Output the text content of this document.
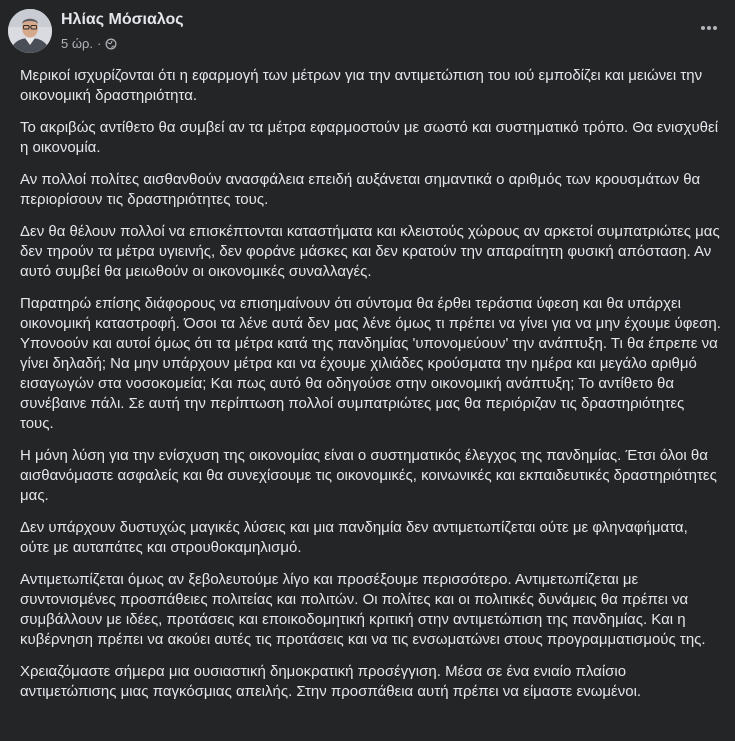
Ηλίας Μόσιαλος
5 ώρ. ·

Μερικοί ισχυρίζονται ότι η εφαρμογή των μέτρων για την αντιμετώπιση του ιού εμποδίζει και μειώνει την οικονομική δραστηριότητα.

Το ακριβώς αντίθετο θα συμβεί αν τα μέτρα εφαρμοστούν με σωστό και συστηματικό τρόπο. Θα ενισχυθεί η οικονομία.

Αν πολλοί πολίτες αισθανθούν ανασφάλεια επειδή αυξάνεται σημαντικά ο αριθμός των κρουσμάτων θα περιορίσουν τις δραστηριότητες τους.

Δεν θα θέλουν πολλοί να επισκέπτονται καταστήματα και κλειστούς χώρους αν αρκετοί συμπατριώτες μας δεν τηρούν τα μέτρα υγιεινής, δεν φοράνε μάσκες και δεν κρατούν την απαραίτητη φυσική απόσταση. Αν αυτό συμβεί θα μειωθούν οι οικονομικές συναλλαγές.

Παρατηρώ επίσης διάφορους να επισημαίνουν ότι σύντομα θα έρθει τεράστια ύφεση και θα υπάρχει οικονομική καταστροφή. Όσοι τα λένε αυτά δεν μας λένε όμως τι πρέπει να γίνει για να μην έχουμε ύφεση. Υπονοούν και αυτοί όμως ότι τα μέτρα κατά της πανδημίας 'υπονομεύουν' την ανάπτυξη. Τι θα έπρεπε να γίνει δηλαδή; Να μην υπάρχουν μέτρα και να έχουμε χιλιάδες κρούσματα την ημέρα και μεγάλο αριθμό εισαγωγών στα νοσοκομεία; Και πως αυτό θα οδηγούσε στην οικονομική ανάπτυξη; Το αντίθετο θα συνέβαινε πάλι. Σε αυτή την περίπτωση πολλοί συμπατριώτες μας θα περιόριζαν τις δραστηριότητες τους.

Η μόνη λύση για την ενίσχυση της οικονομίας είναι ο συστηματικός έλεγχος της πανδημίας. Έτσι όλοι θα αισθανόμαστε ασφαλείς και θα συνεχίσουμε τις οικονομικές, κοινωνικές και εκπαιδευτικές δραστηριότητες μας.

Δεν υπάρχουν δυστυχώς μαγικές λύσεις και μια πανδημία δεν αντιμετωπίζεται ούτε με φληναφήματα, ούτε με αυταπάτες και στρουθοκαμηλισμό.

Αντιμετωπίζεται όμως αν ξεβολευτούμε λίγο και προσέξουμε περισσότερο. Αντιμετωπίζεται με συντονισμένες προσπάθειες πολιτείας και πολιτών. Οι πολίτες και οι πολιτικές δυνάμεις θα πρέπει να συμβάλλουν με ιδέες, προτάσεις και εποικοδομητική κριτική στην αντιμετώπιση της πανδημίας. Και η κυβέρνηση πρέπει να ακούει αυτές τις προτάσεις και να τις ενσωματώνει στους προγραμματισμούς της.

Χρειαζόμαστε σήμερα μια ουσιαστική δημοκρατική προσέγγιση. Μέσα σε ένα ενιαίο πλαίσιο αντιμετώπισης μιας παγκόσμιας απειλής. Στην προσπάθεια αυτή πρέπει να είμαστε ενωμένοι.
